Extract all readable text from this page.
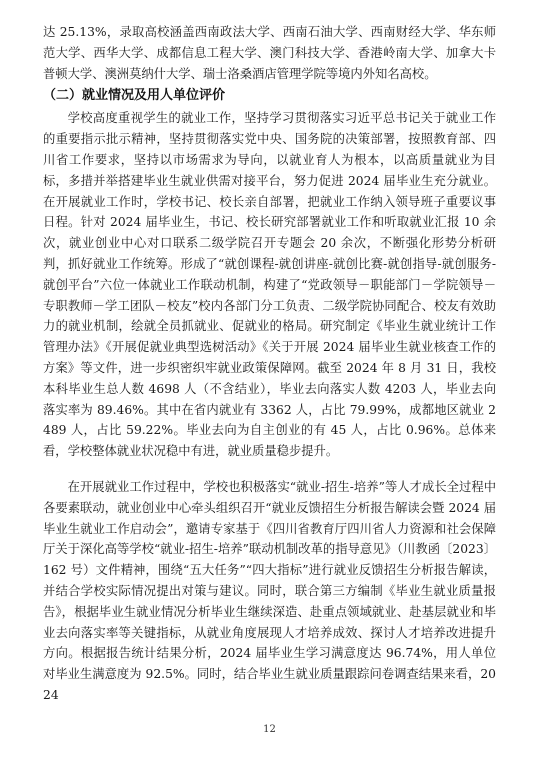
达 25.13%，录取高校涵盖西南政法大学、西南石油大学、西南财经大学、华东师范大学、西华大学、成都信息工程大学、澳门科技大学、香港岭南大学、加拿大卡普顿大学、澳洲莫纳什大学、瑞士洛桑酒店管理学院等境内外知名高校。

（二）就业情况及用人单位评价

学校高度重视学生的就业工作，坚持学习贯彻落实习近平总书记关于就业工作的重要指示批示精神，坚持贯彻落实党中央、国务院的决策部署，按照教育部、四川省工作要求，坚持以市场需求为导向，以就业育人为根本，以高质量就业为目标，多措并举搭建毕业生就业供需对接平台，努力促进 2024 届毕业生充分就业。在开展就业工作时，学校书记、校长亲自部署，把就业工作纳入领导班子重要议事日程。针对 2024 届毕业生，书记、校长研究部署就业工作和听取就业汇报 10 余次，就业创业中心对口联系二级学院召开专题会 20 余次，不断强化形势分析研判，抓好就业工作统筹。形成了“就创课程-就创讲座-就创比赛-就创指导-就创服务-就创平台”六位一体就业工作联动机制，构建了“党政领导－职能部门－学院领导－专职教师－学工团队－校友”校内各部门分工负责、二级学院协同配合、校友有效助力的就业机制，绘就全员抓就业、促就业的格局。研究制定《毕业生就业统计工作管理办法》《开展促就业典型选树活动》《关于开展 2024 届毕业生就业核查工作的方案》等文件，进一步织密织牢就业政策保障网。截至 2024 年 8 月 31 日，我校本科毕业生总人数 4698 人（不含结业），毕业去向落实人数 4203 人，毕业去向落实率为 89.46%。其中在省内就业有 3362 人，占比 79.99%，成都地区就业 2489 人，占比 59.22%。毕业去向为自主创业的有 45 人，占比 0.96%。总体来看，学校整体就业状况稳中有进，就业质量稳步提升。

在开展就业工作过程中，学校也积极落实“就业-招生-培养”等人才成长全过程中各要素联动，就业创业中心牵头组织召开“就业反馈招生分析报告解读会暨 2024 届毕业生就业工作启动会”，邀请专家基于《四川省教育厅四川省人力资源和社会保障厅关于深化高等学校“就业-招生-培养”联动机制改革的指导意见》（川教函〔2023〕162 号）文件精神，围绕“五大任务”“四大指标”进行就业反馈招生分析报告解读，并结合学校实际情况提出对策与建议。同时，联合第三方编制《毕业生就业质量报告》，根据毕业生就业情况分析毕业生继续深造、赴重点领域就业、赴基层就业和毕业去向落实率等关键指标，从就业角度展现人才培养成效、探讨人才培养改进提升方向。根据报告统计结果分析，2024 届毕业生学习满意度达 96.74%，用人单位对毕业生满意度为 92.5%。同时，结合毕业生就业质量跟踪问卷调查结果来看，2024

12
